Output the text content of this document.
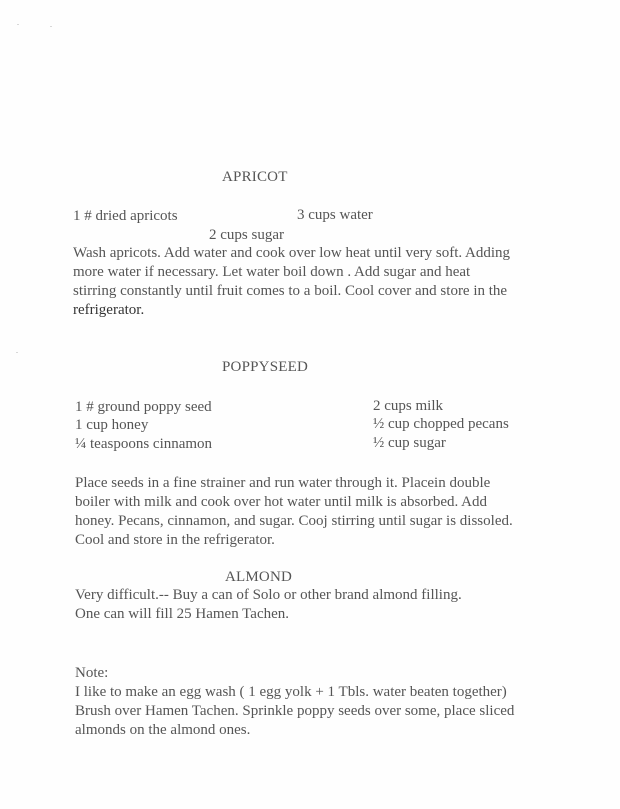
APRICOT
1 # dried apricots	3 cups water
2 cups sugar
Wash apricots. Add water and cook over low heat until very soft. Adding
more water if necessary. Let water boil down . Add sugar and heat
stirring constantly until fruit comes to a boil. Cool cover and store in the
refrigerator.
POPPYSEED
1 # ground poppy seed
1 cup honey
¼ teaspoons cinnamon
2 cups milk
½ cup chopped pecans
½ cup sugar
Place seeds in a fine strainer and run water through it. Placein double
boiler with milk and cook over hot water until milk is absorbed. Add
honey. Pecans, cinnamon, and sugar. Cooj stirring until sugar is dissoled.
Cool and store in the refrigerator.
ALMOND
Very difficult.-- Buy a can of Solo or other brand almond filling.
One can will fill 25 Hamen Tachen.
Note:
I like to make an egg wash ( 1 egg yolk + 1 Tbls. water beaten together)
Brush over Hamen Tachen. Sprinkle poppy seeds over some, place sliced
almonds on the almond ones.
